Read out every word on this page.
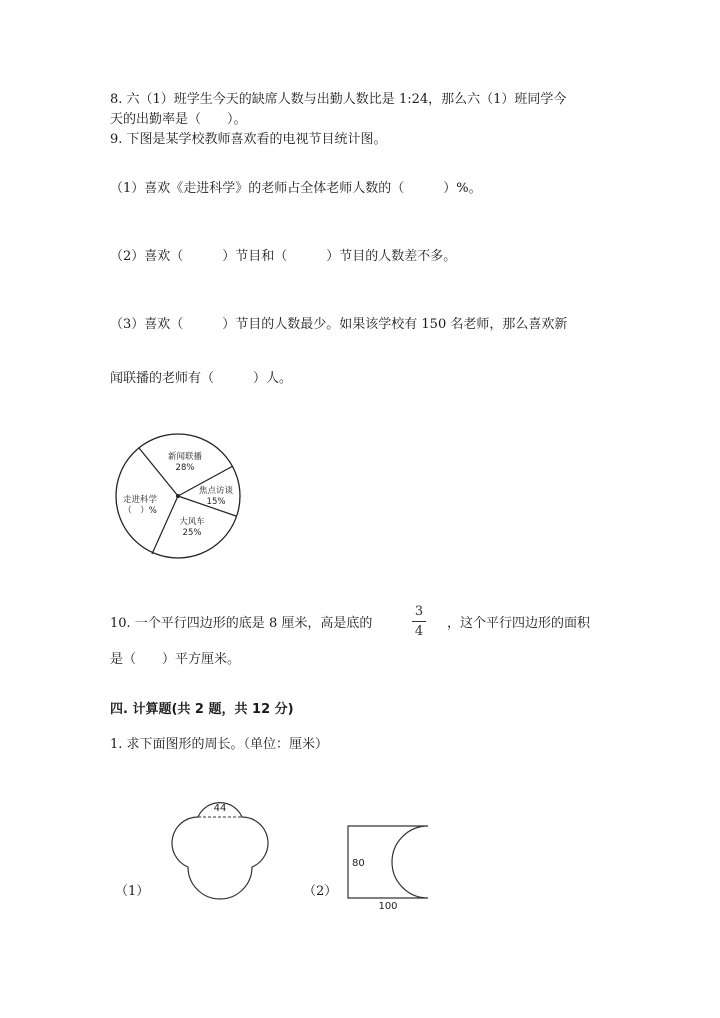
8. 六（1）班学生今天的缺席人数与出勤人数比是 1:24，那么六（1）班同学今
天的出勤率是（　　）。
9. 下图是某学校教师喜欢看的电视节目统计图。
（1）喜欢《走进科学》的老师占全体老师人数的（　　　）%。
（2）喜欢（　　　）节目和（　　　）节目的人数差不多。
（3）喜欢（　　　）节目的人数最少。如果该学校有 150 名老师，那么喜欢新
闻联播的老师有（　　　）人。
新闻联播
28%
焦点访谈
15%
大风车
25%
走进科学
（　）%
10. 一个平行四边形的底是 8 厘米，高是底的
3
4
，这个平行四边形的面积
是（　　）平方厘米。
四. 计算题(共 2 题，共 12 分)
1. 求下面图形的周长。（单位：厘米）
（1）
44
（2）
80
100
